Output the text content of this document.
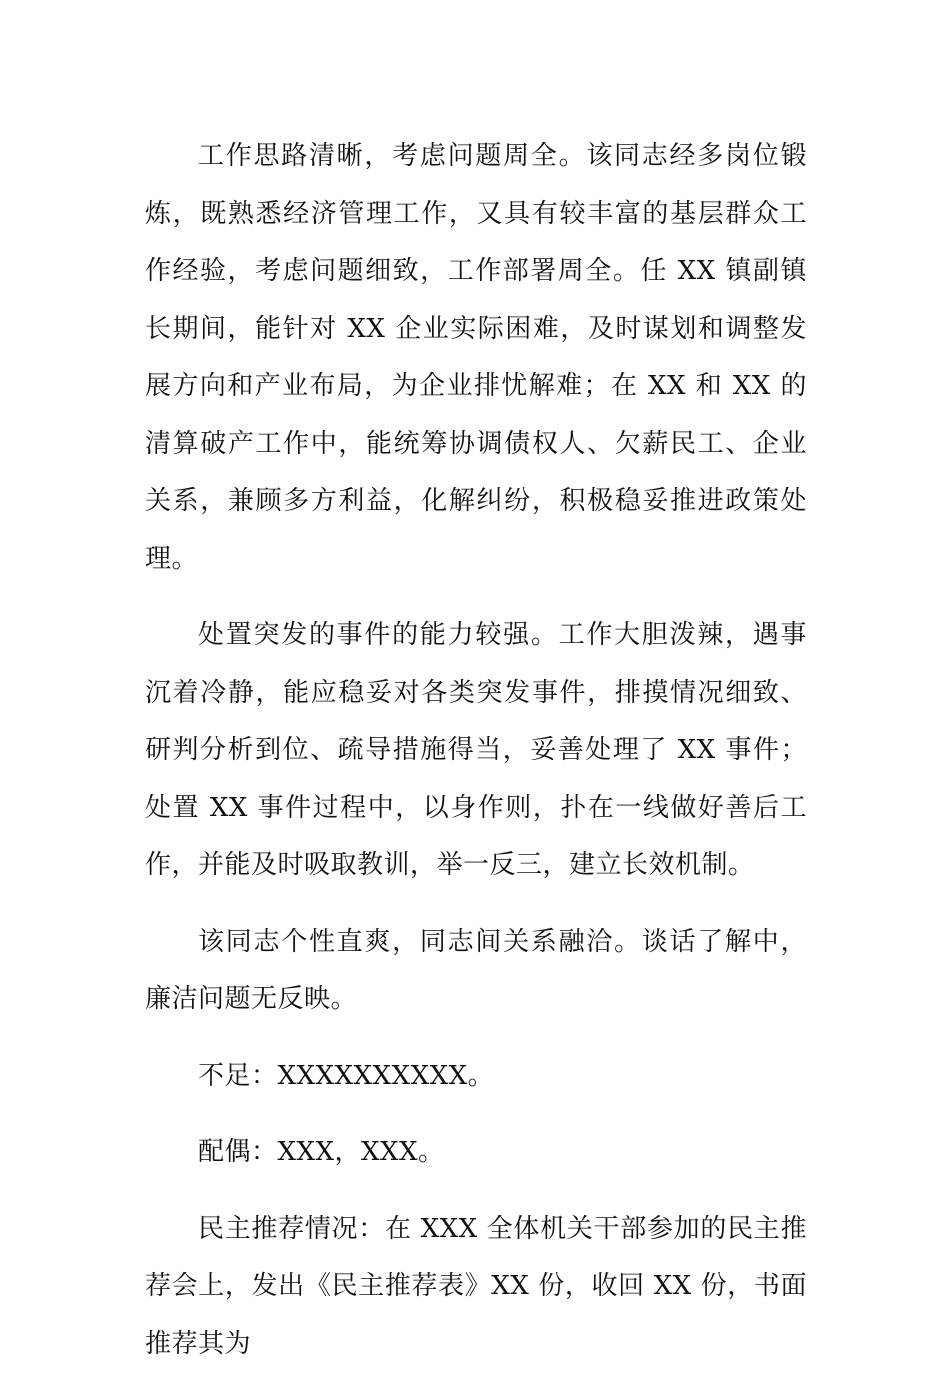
工作思路清晰，考虑问题周全。该同志经多岗位锻炼，既熟悉经济管理工作，又具有较丰富的基层群众工作经验，考虑问题细致，工作部署周全。任 XX 镇副镇长期间，能针对 XX 企业实际困难，及时谋划和调整发展方向和产业布局，为企业排忧解难；在 XX 和 XX 的清算破产工作中，能统筹协调债权人、欠薪民工、企业关系，兼顾多方利益，化解纠纷，积极稳妥推进政策处理。

处置突发的事件的能力较强。工作大胆泼辣，遇事沉着冷静，能应稳妥对各类突发事件，排摸情况细致、研判分析到位、疏导措施得当，妥善处理了 XX 事件；处置 XX 事件过程中，以身作则，扑在一线做好善后工作，并能及时吸取教训，举一反三，建立长效机制。

该同志个性直爽，同志间关系融洽。谈话了解中，廉洁问题无反映。

不足：XXXXXXXXXX。

配偶：XXX，XXX。

民主推荐情况：在 XXX 全体机关干部参加的民主推荐会上，发出《民主推荐表》XX 份，收回 XX 份，书面推荐其为
